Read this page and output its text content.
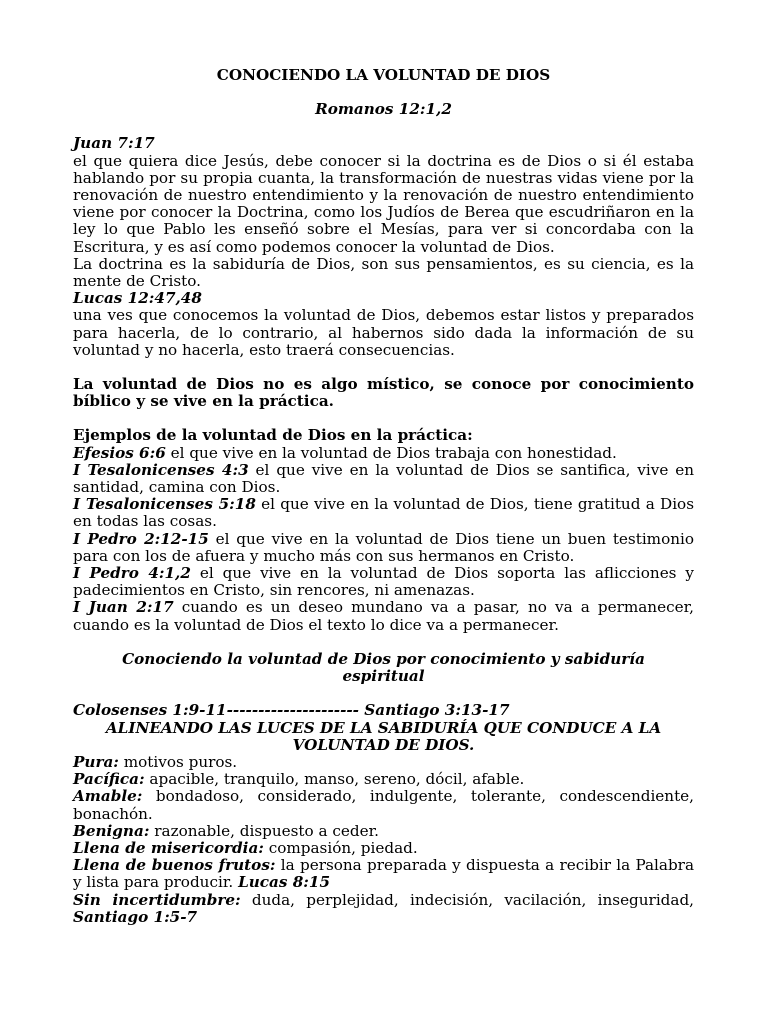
CONOCIENDO LA VOLUNTAD DE DIOS

Romanos 12:1,2

Juan 7:17

el que quiera dice Jesús, debe conocer si la doctrina es de Dios o si él estaba hablando por su propia cuanta, la transformación de nuestras vidas viene por la renovación de nuestro entendimiento y la renovación de nuestro entendimiento viene por conocer la Doctrina, como los Judíos de Berea que escudriñaron en la ley lo que Pablo les enseñó sobre el Mesías, para ver si concordaba con la Escritura, y es así como podemos conocer la voluntad de Dios.

La doctrina es la sabiduría de Dios, son sus pensamientos, es su ciencia, es la mente de Cristo.

Lucas 12:47,48

una ves que conocemos la voluntad de Dios, debemos estar listos y preparados para hacerla, de lo contrario, al habernos sido dada la información de su voluntad y no hacerla, esto traerá consecuencias.

La voluntad de Dios no es algo místico, se conoce por conocimiento bíblico y se vive en la práctica.

Ejemplos de la voluntad de Dios en la práctica:

Efesios 6:6 el que vive en la voluntad de Dios trabaja con honestidad.

I Tesalonicenses 4:3 el que vive en la voluntad de Dios se santifica, vive en santidad, camina con Dios.

I Tesalonicenses 5:18 el que vive en la voluntad de Dios, tiene gratitud a Dios en todas las cosas.

I Pedro 2:12-15 el que vive en la voluntad de Dios tiene un buen testimonio para con los de afuera y mucho más con sus hermanos en Cristo.

I Pedro 4:1,2 el que vive en la voluntad de Dios soporta las aflicciones y padecimientos en Cristo, sin rencores, ni amenazas.

I Juan 2:17 cuando es un deseo mundano va a pasar, no va a permanecer, cuando es la voluntad de Dios el texto lo dice va a permanecer.

Conociendo la voluntad de Dios por conocimiento y sabiduría espiritual

Colosenses 1:9-11--------------------- Santiago 3:13-17

ALINEANDO LAS LUCES DE LA SABIDURÍA QUE CONDUCE A LA VOLUNTAD DE DIOS.

Pura: motivos puros.

Pacífica: apacible, tranquilo, manso, sereno, dócil, afable.

Amable: bondadoso, considerado, indulgente, tolerante, condescendiente, bonachón.

Benigna: razonable, dispuesto a ceder.

Llena de misericordia: compasión, piedad.

Llena de buenos frutos: la persona preparada y dispuesta a recibir la Palabra y lista para producir. Lucas 8:15

Sin incertidumbre: duda, perplejidad, indecisión, vacilación, inseguridad, Santiago 1:5-7
